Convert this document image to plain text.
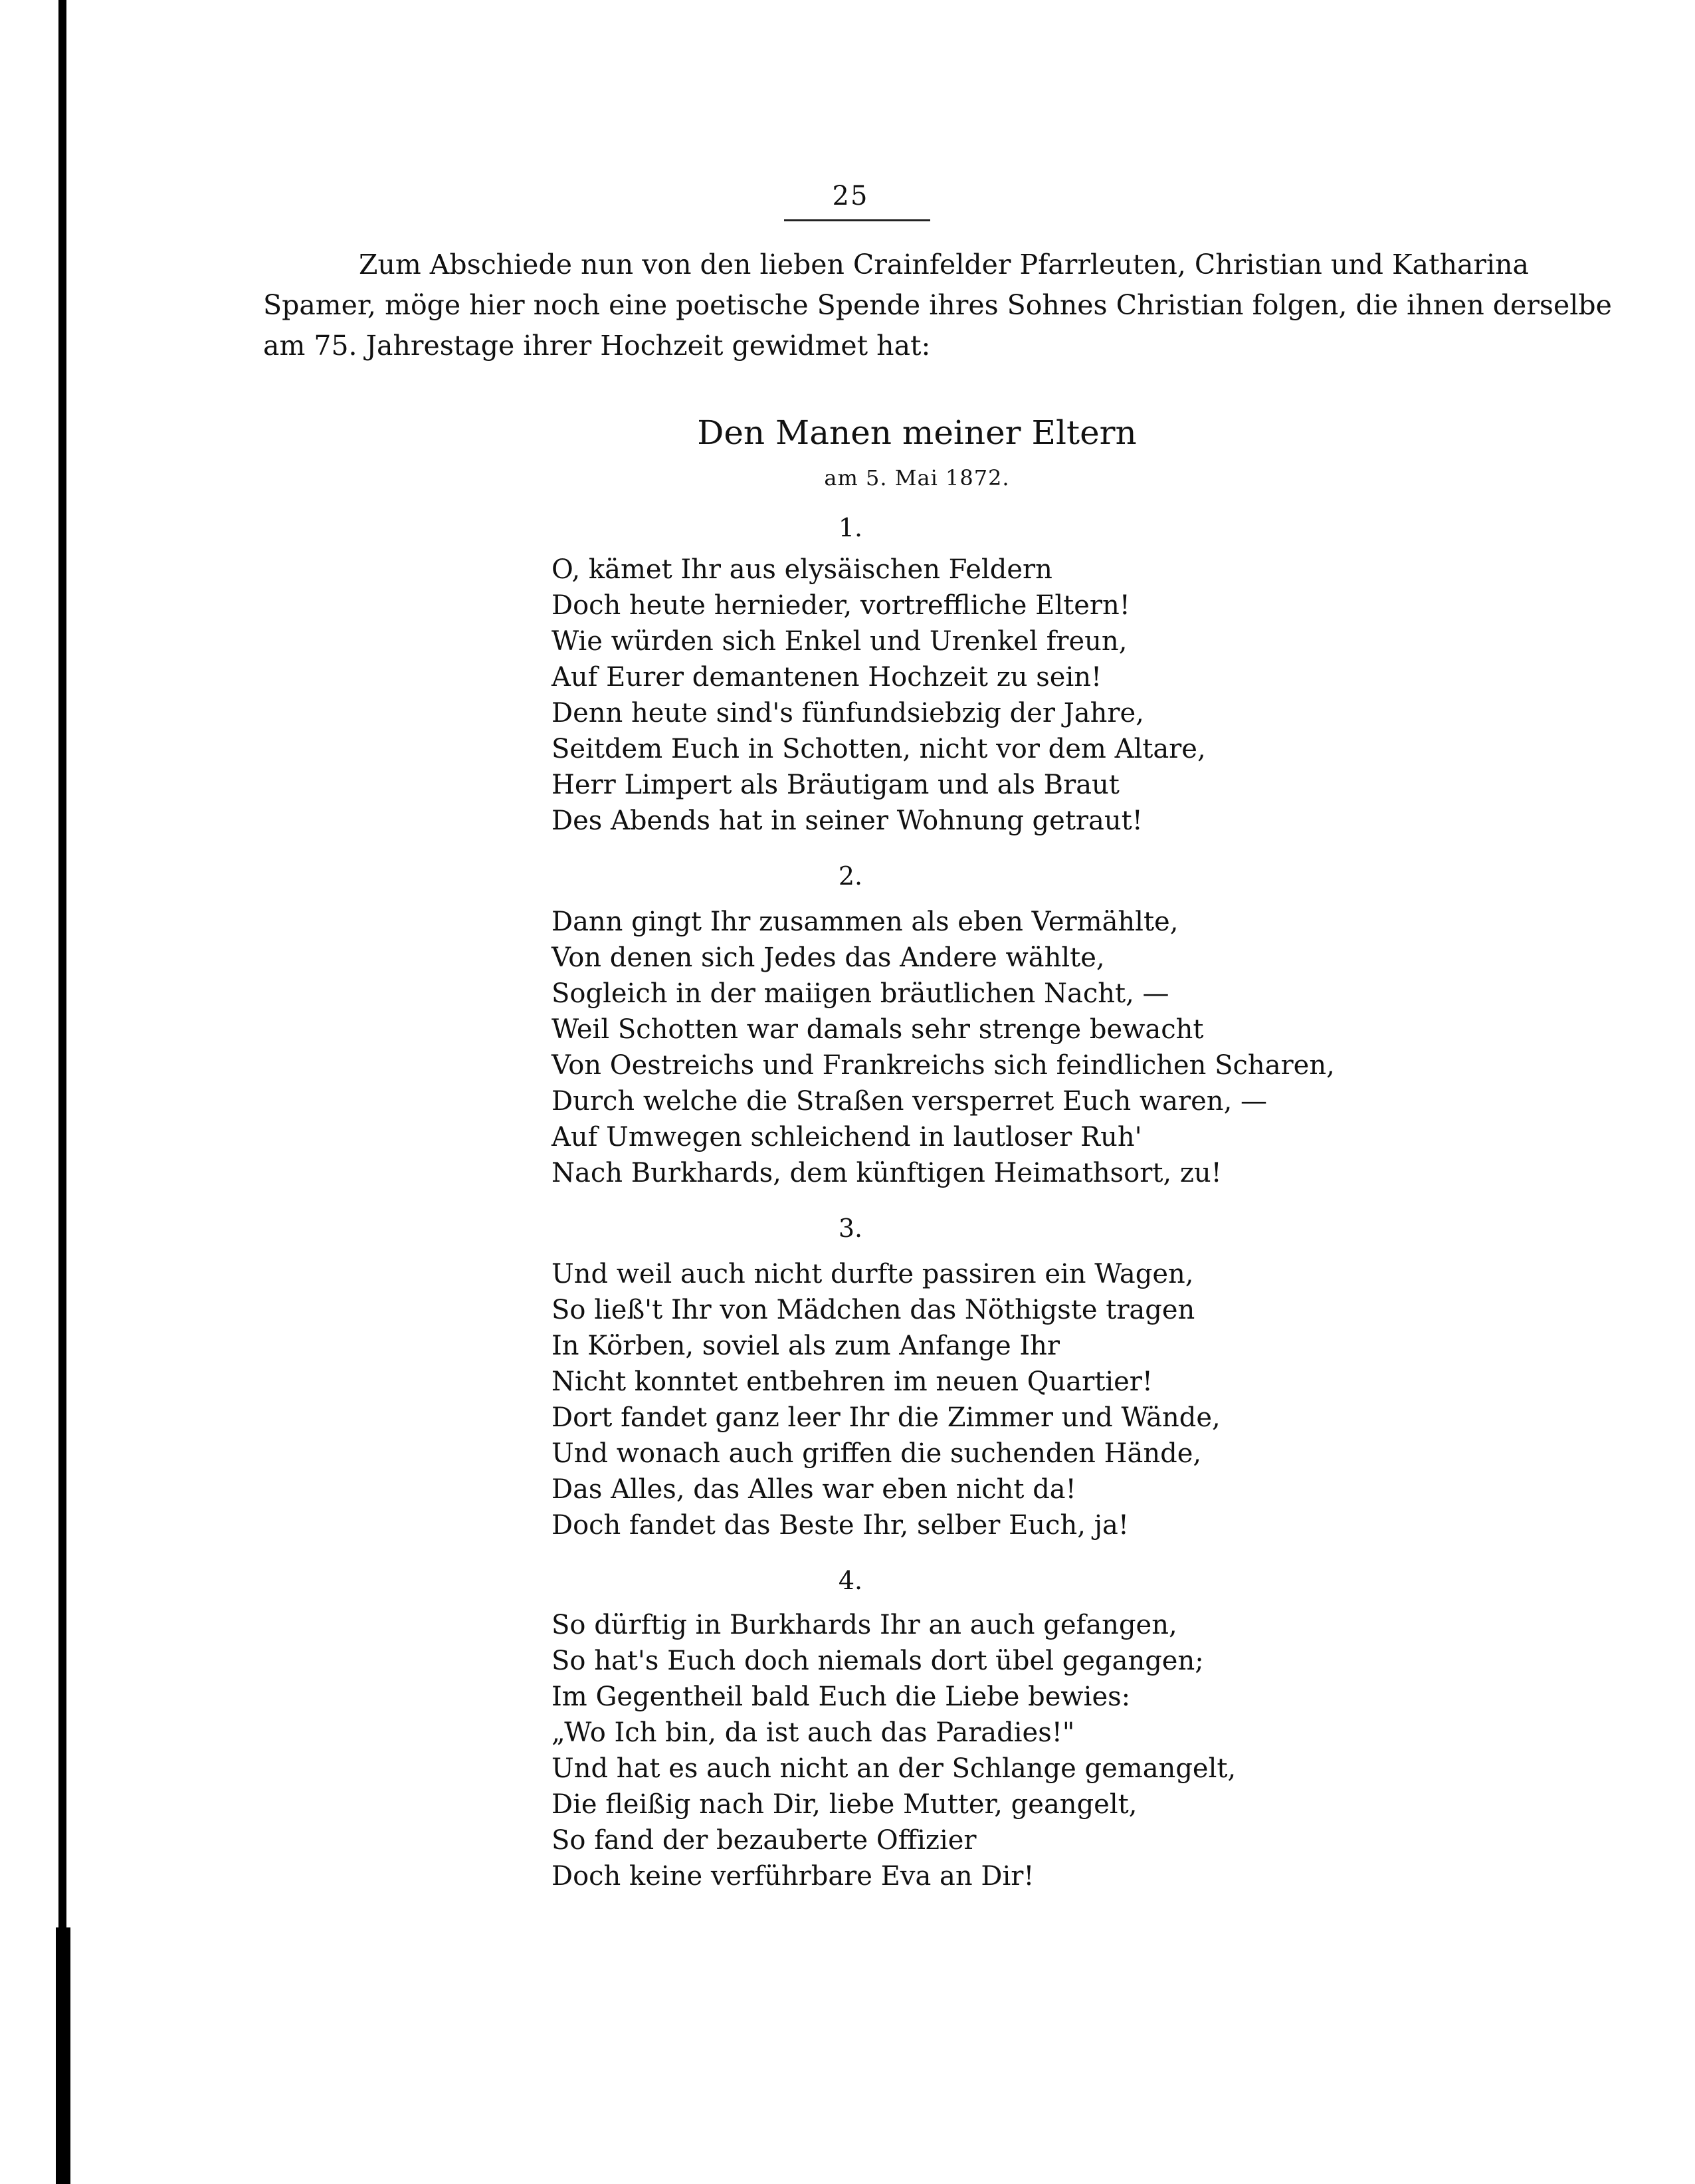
25
Zum Abschiede nun von den lieben Crainfelder Pfarrleuten, Christian und Katharina
Spamer, möge hier noch eine poetische Spende ihres Sohnes Christian folgen, die ihnen derselbe
am 75. Jahrestage ihrer Hochzeit gewidmet hat:
Den Manen meiner Eltern
am 5. Mai 1872.
1.
O, kämet Ihr aus elysäischen Feldern
Doch heute hernieder, vortreffliche Eltern!
Wie würden sich Enkel und Urenkel freun,
Auf Eurer demantenen Hochzeit zu sein!
Denn heute sind's fünfundsiebzig der Jahre,
Seitdem Euch in Schotten, nicht vor dem Altare,
Herr Limpert als Bräutigam und als Braut
Des Abends hat in seiner Wohnung getraut!
2.
Dann gingt Ihr zusammen als eben Vermählte,
Von denen sich Jedes das Andere wählte,
Sogleich in der maiigen bräutlichen Nacht, —
Weil Schotten war damals sehr strenge bewacht
Von Oestreichs und Frankreichs sich feindlichen Scharen,
Durch welche die Straßen versperret Euch waren, —
Auf Umwegen schleichend in lautloser Ruh'
Nach Burkhards, dem künftigen Heimathsort, zu!
3.
Und weil auch nicht durfte passiren ein Wagen,
So ließ't Ihr von Mädchen das Nöthigste tragen
In Körben, soviel als zum Anfange Ihr
Nicht konntet entbehren im neuen Quartier!
Dort fandet ganz leer Ihr die Zimmer und Wände,
Und wonach auch griffen die suchenden Hände,
Das Alles, das Alles war eben nicht da!
Doch fandet das Beste Ihr, selber Euch, ja!
4.
So dürftig in Burkhards Ihr an auch gefangen,
So hat's Euch doch niemals dort übel gegangen;
Im Gegentheil bald Euch die Liebe bewies:
„Wo Ich bin, da ist auch das Paradies!"
Und hat es auch nicht an der Schlange gemangelt,
Die fleißig nach Dir, liebe Mutter, geangelt,
So fand der bezauberte Offizier
Doch keine verführbare Eva an Dir!
